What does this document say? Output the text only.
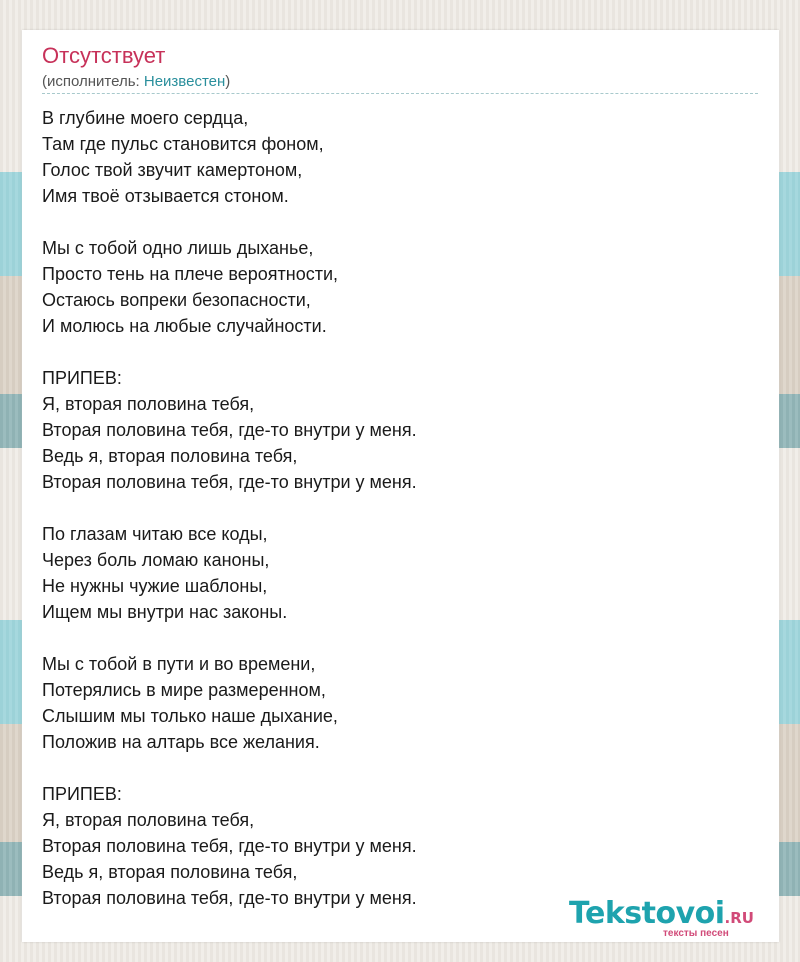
Отсутствует
(исполнитель: Неизвестен)
В глубине моего сердца,
Там где пульс становится фоном,
Голос твой звучит камертоном,
Имя твоё отзывается стоном.
Мы с тобой одно лишь дыханье,
Просто тень на плече вероятности,
Остаюсь вопреки безопасности,
И молюсь на любые случайности.
ПРИПЕВ:
Я, вторая половина тебя,
Вторая половина тебя, где-то внутри у меня.
Ведь я, вторая половина тебя,
Вторая половина тебя, где-то внутри у меня.
По глазам читаю все коды,
Через боль ломаю каноны,
Не нужны чужие шаблоны,
Ищем мы внутри нас законы.
Мы с тобой в пути и во времени,
Потерялись в мире размеренном,
Слышим мы только наше дыхание,
Положив на алтарь все желания.
ПРИПЕВ:
Я, вторая половина тебя,
Вторая половина тебя, где-то внутри у меня.
Ведь я, вторая половина тебя,
Вторая половина тебя, где-то внутри у меня.	Tekstovoi.RU
тексты песен
